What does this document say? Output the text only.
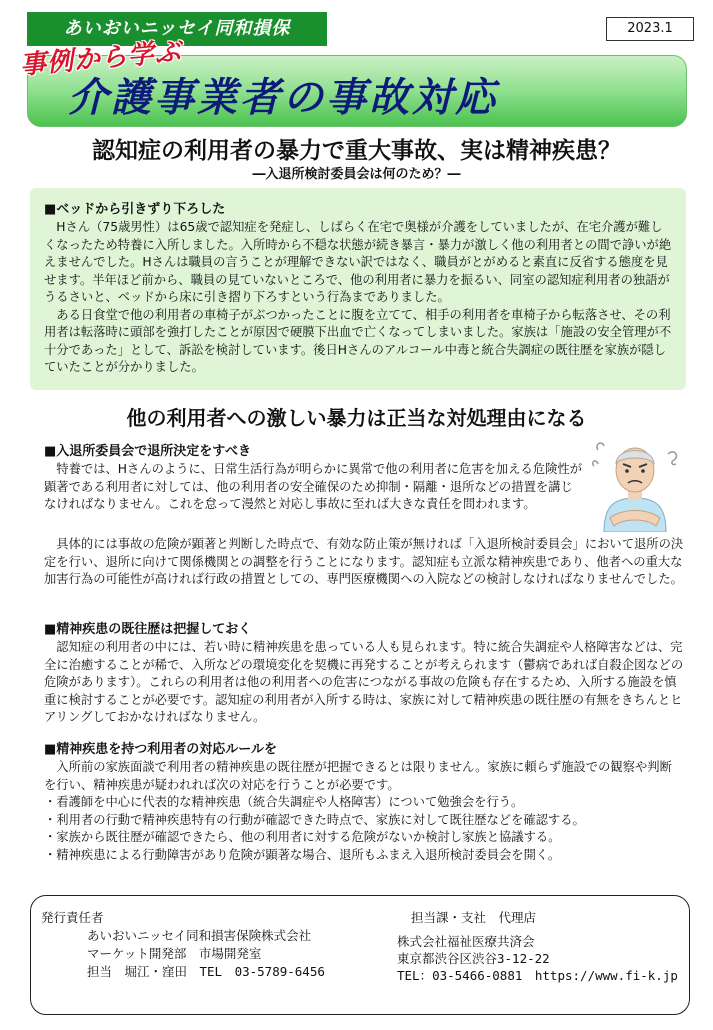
あいおいニッセイ同和損保	2023.1
介護事業者の事故対応
事例から学ぶ
認知症の利用者の暴力で重大事故、実は精神疾患？
―入退所検討委員会は何のため？―
■ベッドから引きずり下ろした

　Hさん（75歳男性）は65歳で認知症を発症し、しばらく在宅で奥様が介護をしていましたが、在宅介護が難しくなったため特養に入所しました。入所時から不穏な状態が続き暴言・暴力が激しく他の利用者との間で諍いが絶えませんでした。Hさんは職員の言うことが理解できない訳ではなく、職員がとがめると素直に反省する態度を見せます。半年ほど前から、職員の見ていないところで、他の利用者に暴力を振るい、同室の認知症利用者の独語がうるさいと、ベッドから床に引き摺り下ろすという行為までありました。

　ある日食堂で他の利用者の車椅子がぶつかったことに腹を立てて、相手の利用者を車椅子から転落させ、その利用者は転落時に頭部を強打したことが原因で硬膜下出血で亡くなってしまいました。家族は「施設の安全管理が不十分であった」として、訴訟を検討しています。後日Hさんのアルコール中毒と統合失調症の既往歴を家族が隠していたことが分かりました。

他の利用者への激しい暴力は正当な対処理由になる
■入退所委員会で退所決定をすべき

　特養では、Hさんのように、日常生活行為が明らかに異常で他の利用者に危害を加える危険性が顕著である利用者に対しては、他の利用者の安全確保のため抑制・隔離・退所などの措置を講じなければなりません。これを怠って漫然と対応し事故に至れば大きな責任を問われます。

　具体的には事故の危険が顕著と判断した時点で、有効な防止策が無ければ「入退所検討委員会」において退所の決定を行い、退所に向けて関係機関との調整を行うことになります。認知症も立派な精神疾患であり、他者への重大な加害行為の可能性が高ければ行政の措置としての、専門医療機関への入院などの検討しなければなりませんでした。

■精神疾患の既往歴は把握しておく

　認知症の利用者の中には、若い時に精神疾患を患っている人も見られます。特に統合失調症や人格障害などは、完全に治癒することが稀で、入所などの環境変化を契機に再発することが考えられます（鬱病であれば自殺企図などの危険があります）。これらの利用者は他の利用者への危害につながる事故の危険も存在するため、入所する施設を慎重に検討することが必要です。認知症の利用者が入所する時は、家族に対して精神疾患の既往歴の有無をきちんとヒアリングしておかなければなりません。

■精神疾患を持つ利用者の対応ルールを

　入所前の家族面談で利用者の精神疾患の既往歴が把握できるとは限りません。家族に頼らず施設での観察や判断を行い、精神疾患が疑われれば次の対応を行うことが必要です。

・看護師を中心に代表的な精神疾患（統合失調症や人格障害）について勉強会を行う。

・利用者の行動で精神疾患特有の行動が確認できた時点で、家族に対して既往歴などを確認する。

・家族から既往歴が確認できたら、他の利用者に対する危険がないか検討し家族と協議する。

・精神疾患による行動障害があり危険が顕著な場合、退所もふまえ入退所検討委員会を開く。

発行責任者
あいおいニッセイ同和損害保険株式会社
マーケット開発部　市場開発室
担当　堀江・窪田　TEL　03-5789-6456
担当課・支社　代理店
株式会社福祉医療共済会
東京都渋谷区渋谷3-12-22
TEL：03-5466-0881　https://www.fi-k.jp
